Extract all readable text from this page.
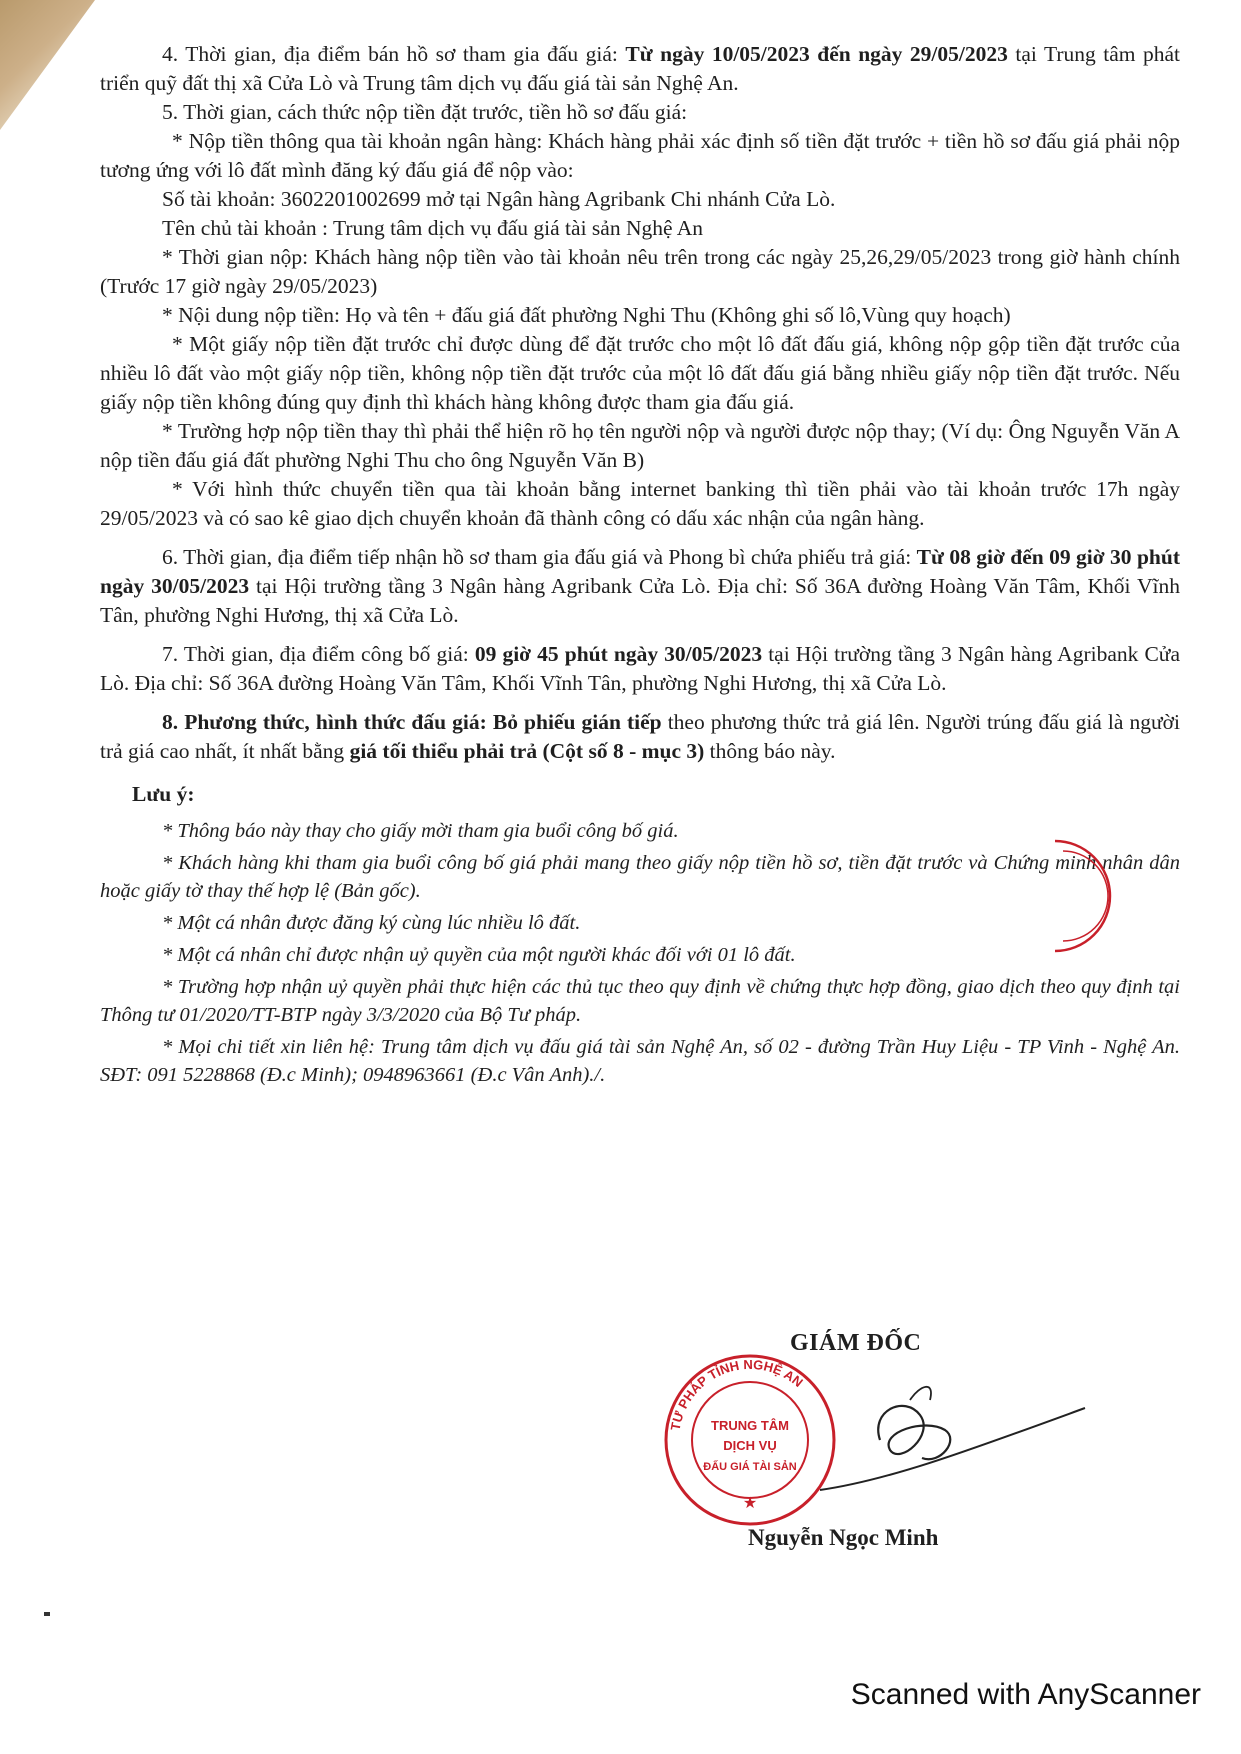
4. Thời gian, địa điểm bán hồ sơ tham gia đấu giá: Từ ngày 10/05/2023 đến ngày 29/05/2023 tại Trung tâm phát triển quỹ đất thị xã Cửa Lò và Trung tâm dịch vụ đấu giá tài sản Nghệ An.

5. Thời gian, cách thức nộp tiền đặt trước, tiền hồ sơ đấu giá:

* Nộp tiền thông qua tài khoản ngân hàng: Khách hàng phải xác định số tiền đặt trước + tiền hồ sơ đấu giá phải nộp tương ứng với lô đất mình đăng ký đấu giá để nộp vào:

Số tài khoản: 3602201002699 mở tại Ngân hàng Agribank Chi nhánh Cửa Lò.

Tên chủ tài khoản : Trung tâm dịch vụ đấu giá tài sản Nghệ An

* Thời gian nộp: Khách hàng nộp tiền vào tài khoản nêu trên trong các ngày 25,26,29/05/2023 trong giờ hành chính (Trước 17 giờ ngày 29/05/2023)

* Nội dung nộp tiền: Họ và tên + đấu giá đất phường Nghi Thu (Không ghi số lô,Vùng quy hoạch)

* Một giấy nộp tiền đặt trước chỉ được dùng để đặt trước cho một lô đất đấu giá, không nộp gộp tiền đặt trước của nhiều lô đất vào một giấy nộp tiền, không nộp tiền đặt trước của một lô đất đấu giá bằng nhiều giấy nộp tiền đặt trước. Nếu giấy nộp tiền không đúng quy định thì khách hàng không được tham gia đấu giá.

* Trường hợp nộp tiền thay thì phải thể hiện rõ họ tên người nộp và người được nộp thay; (Ví dụ: Ông Nguyễn Văn A nộp tiền đấu giá đất phường Nghi Thu cho ông Nguyễn Văn B)

* Với hình thức chuyển tiền qua tài khoản bằng internet banking thì tiền phải vào tài khoản trước 17h ngày 29/05/2023 và có sao kê giao dịch chuyển khoản đã thành công có dấu xác nhận của ngân hàng.

6. Thời gian, địa điểm tiếp nhận hồ sơ tham gia đấu giá và Phong bì chứa phiếu trả giá: Từ 08 giờ đến 09 giờ 30 phút ngày 30/05/2023 tại Hội trường tầng 3 Ngân hàng Agribank Cửa Lò. Địa chỉ: Số 36A đường Hoàng Văn Tâm, Khối Vĩnh Tân, phường Nghi Hương, thị xã Cửa Lò.

7. Thời gian, địa điểm công bố giá: 09 giờ 45 phút ngày 30/05/2023 tại Hội trường tầng 3 Ngân hàng Agribank Cửa Lò. Địa chỉ: Số 36A đường Hoàng Văn Tâm, Khối Vĩnh Tân, phường Nghi Hương, thị xã Cửa Lò.

8. Phương thức, hình thức đấu giá: Bỏ phiếu gián tiếp theo phương thức trả giá lên. Người trúng đấu giá là người trả giá cao nhất, ít nhất bằng giá tối thiểu phải trả (Cột số 8 - mục 3) thông báo này.

Lưu ý:

* Thông báo này thay cho giấy mời tham gia buổi công bố giá.

* Khách hàng khi tham gia buổi công bố giá phải mang theo giấy nộp tiền hồ sơ, tiền đặt trước và Chứng minh nhân dân hoặc giấy tờ thay thế hợp lệ (Bản gốc).

* Một cá nhân được đăng ký cùng lúc nhiều lô đất.

* Một cá nhân chỉ được nhận uỷ quyền của một người khác đối với 01 lô đất.

* Trường hợp nhận uỷ quyền phải thực hiện các thủ tục theo quy định về chứng thực hợp đồng, giao dịch theo quy định tại Thông tư 01/2020/TT-BTP ngày 3/3/2020 của Bộ Tư pháp.

* Mọi chi tiết xin liên hệ: Trung tâm dịch vụ đấu giá tài sản Nghệ An, số 02 - đường Trần Huy Liệu - TP Vinh - Nghệ An. SĐT: 091 5228868 (Đ.c Minh); 0948963661 (Đ.c Vân Anh)./.

TƯ PHÁP TỈNH NGHỆ AN
TRUNG TÂM
DỊCH VỤ
ĐẤU GIÁ TÀI SẢN
★
GIÁM ĐỐC
Nguyễn Ngọc Minh
Scanned with AnyScanner
